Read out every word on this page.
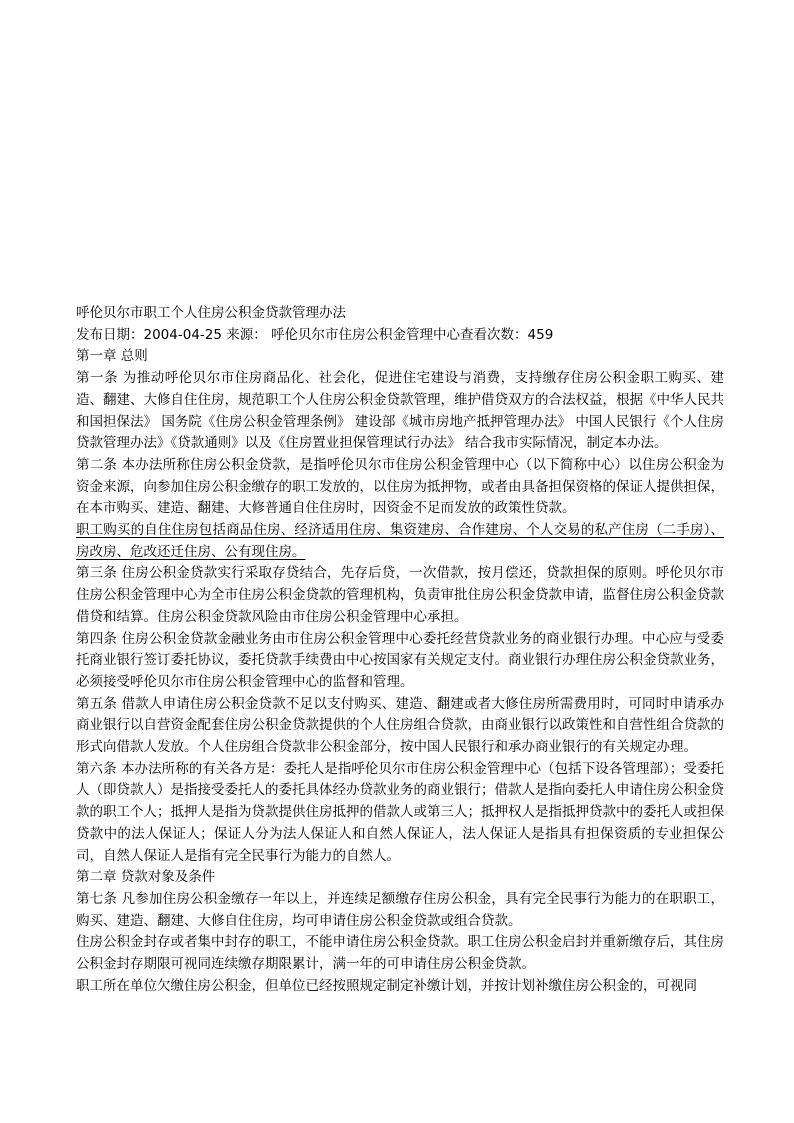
呼伦贝尔市职工个人住房公积金贷款管理办法

发布日期：2004-04-25 来源： 呼伦贝尔市住房公积金管理中心查看次数：459

第一章 总则

第一条 为推动呼伦贝尔市住房商品化、社会化，促进住宅建设与消费，支持缴存住房公积金职工购买、建造、翻建、大修自住住房，规范职工个人住房公积金贷款管理，维护借贷双方的合法权益，根据《中华人民共和国担保法》 国务院《住房公积金管理条例》 建设部《城市房地产抵押管理办法》 中国人民银行《个人住房贷款管理办法》《贷款通则》以及《住房置业担保管理试行办法》 结合我市实际情况，制定本办法。

第二条 本办法所称住房公积金贷款，是指呼伦贝尔市住房公积金管理中心（以下简称中心）以住房公积金为资金来源，向参加住房公积金缴存的职工发放的，以住房为抵押物，或者由具备担保资格的保证人提供担保，在本市购买、建造、翻建、大修普通自住住房时，因资金不足而发放的政策性贷款。

职工购买的自住住房包括商品住房、经济适用住房、集资建房、合作建房、个人交易的私产住房（二手房）、房改房、危改还迁住房、公有现住房。

第三条 住房公积金贷款实行采取存贷结合，先存后贷，一次借款，按月偿还，贷款担保的原则。呼伦贝尔市住房公积金管理中心为全市住房公积金贷款的管理机构，负责审批住房公积金贷款申请，监督住房公积金贷款借贷和结算。住房公积金贷款风险由市住房公积金管理中心承担。

第四条 住房公积金贷款金融业务由市住房公积金管理中心委托经营贷款业务的商业银行办理。中心应与受委托商业银行签订委托协议，委托贷款手续费由中心按国家有关规定支付。商业银行办理住房公积金贷款业务，必须接受呼伦贝尔市住房公积金管理中心的监督和管理。

第五条 借款人申请住房公积金贷款不足以支付购买、建造、翻建或者大修住房所需费用时，可同时申请承办商业银行以自营资金配套住房公积金贷款提供的个人住房组合贷款，由商业银行以政策性和自营性组合贷款的形式向借款人发放。个人住房组合贷款非公积金部分，按中国人民银行和承办商业银行的有关规定办理。

第六条 本办法所称的有关各方是：委托人是指呼伦贝尔市住房公积金管理中心（包括下设各管理部）；受委托人（即贷款人）是指接受委托人的委托具体经办贷款业务的商业银行；借款人是指向委托人申请住房公积金贷款的职工个人；抵押人是指为贷款提供住房抵押的借款人或第三人；抵押权人是指抵押贷款中的委托人或担保贷款中的法人保证人；保证人分为法人保证人和自然人保证人，法人保证人是指具有担保资质的专业担保公司，自然人保证人是指有完全民事行为能力的自然人。

第二章 贷款对象及条件

第七条 凡参加住房公积金缴存一年以上，并连续足额缴存住房公积金，具有完全民事行为能力的在职职工，购买、建造、翻建、大修自住住房，均可申请住房公积金贷款或组合贷款。

住房公积金封存或者集中封存的职工，不能申请住房公积金贷款。职工住房公积金启封并重新缴存后，其住房公积金封存期限可视同连续缴存期限累计，满一年的可申请住房公积金贷款。

职工所在单位欠缴住房公积金，但单位已经按照规定制定补缴计划，并按计划补缴住房公积金的，可视同
